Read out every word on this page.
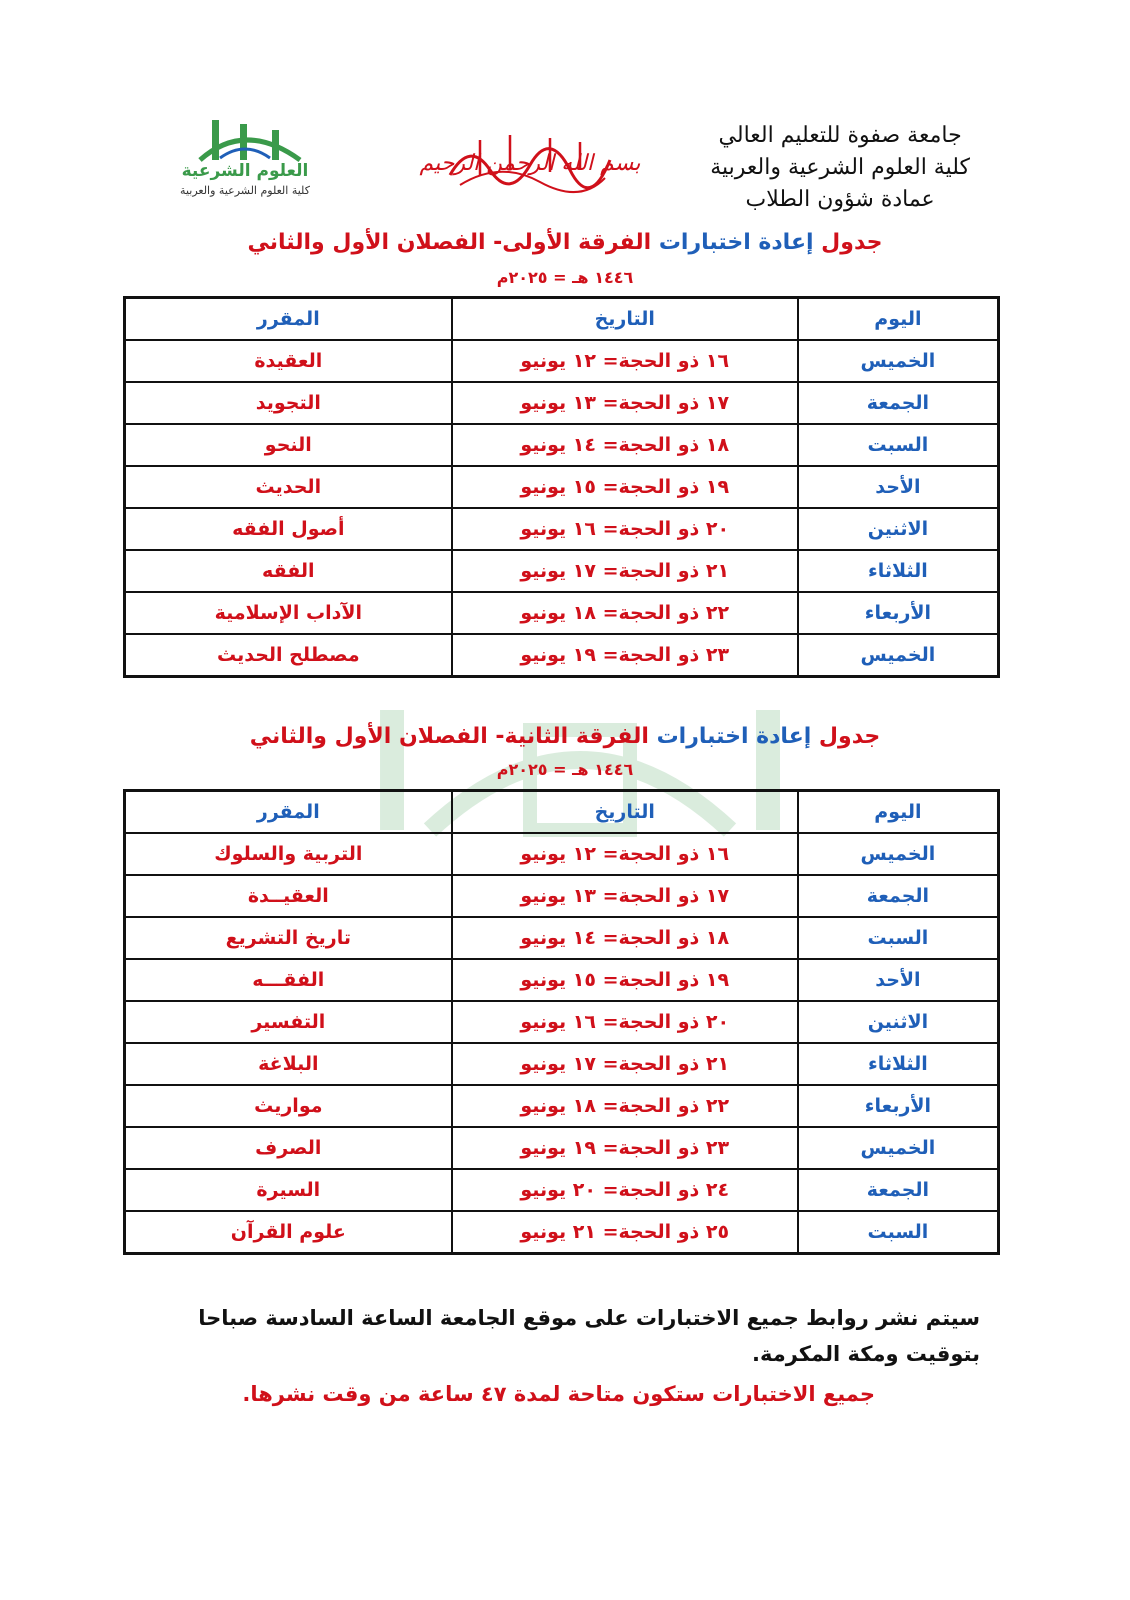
جامعة صفوة للتعليم العالي
كلية العلوم الشرعية والعربية
عمادة شؤون الطلاب
بسم الله الرحمن الرحيم
العلوم الشرعية
كلية العلوم الشرعية والعربية
جدول إعادة اختبارات الفرقة الأولى- الفصلان الأول والثاني
١٤٤٦ هـ = ٢٠٢٥م
اليوم	التاريخ	المقرر
الخميس	١٦ ذو الحجة= ١٢ يونيو	العقيدة
الجمعة	١٧ ذو الحجة= ١٣ يونيو	التجويد
السبت	١٨ ذو الحجة= ١٤ يونيو	النحو
الأحد	١٩ ذو الحجة= ١٥ يونيو	الحديث
الاثنين	٢٠ ذو الحجة= ١٦ يونيو	أصول الفقه
الثلاثاء	٢١ ذو الحجة= ١٧ يونيو	الفقه
الأربعاء	٢٢ ذو الحجة= ١٨ يونيو	الآداب الإسلامية
الخميس	٢٣ ذو الحجة= ١٩ يونيو	مصطلح الحديث
جدول إعادة اختبارات الفرقة الثانية- الفصلان الأول والثاني
١٤٤٦ هـ = ٢٠٢٥م
اليوم	التاريخ	المقرر
الخميس	١٦ ذو الحجة= ١٢ يونيو	التربية والسلوك
الجمعة	١٧ ذو الحجة= ١٣ يونيو	العقيــدة
السبت	١٨ ذو الحجة= ١٤ يونيو	تاريخ التشريع
الأحد	١٩ ذو الحجة= ١٥ يونيو	الفقـــه
الاثنين	٢٠ ذو الحجة= ١٦ يونيو	التفسير
الثلاثاء	٢١ ذو الحجة= ١٧ يونيو	البلاغة
الأربعاء	٢٢ ذو الحجة= ١٨ يونيو	مواريث
الخميس	٢٣ ذو الحجة= ١٩ يونيو	الصرف
الجمعة	٢٤ ذو الحجة= ٢٠ يونيو	السيرة
السبت	٢٥ ذو الحجة= ٢١ يونيو	علوم القرآن
سيتم نشر روابط جميع الاختبارات على موقع الجامعة الساعة السادسة صباحا بتوقيت ومكة المكرمة.
جميع الاختبارات ستكون متاحة لمدة ٤٧ ساعة من وقت نشرها.
